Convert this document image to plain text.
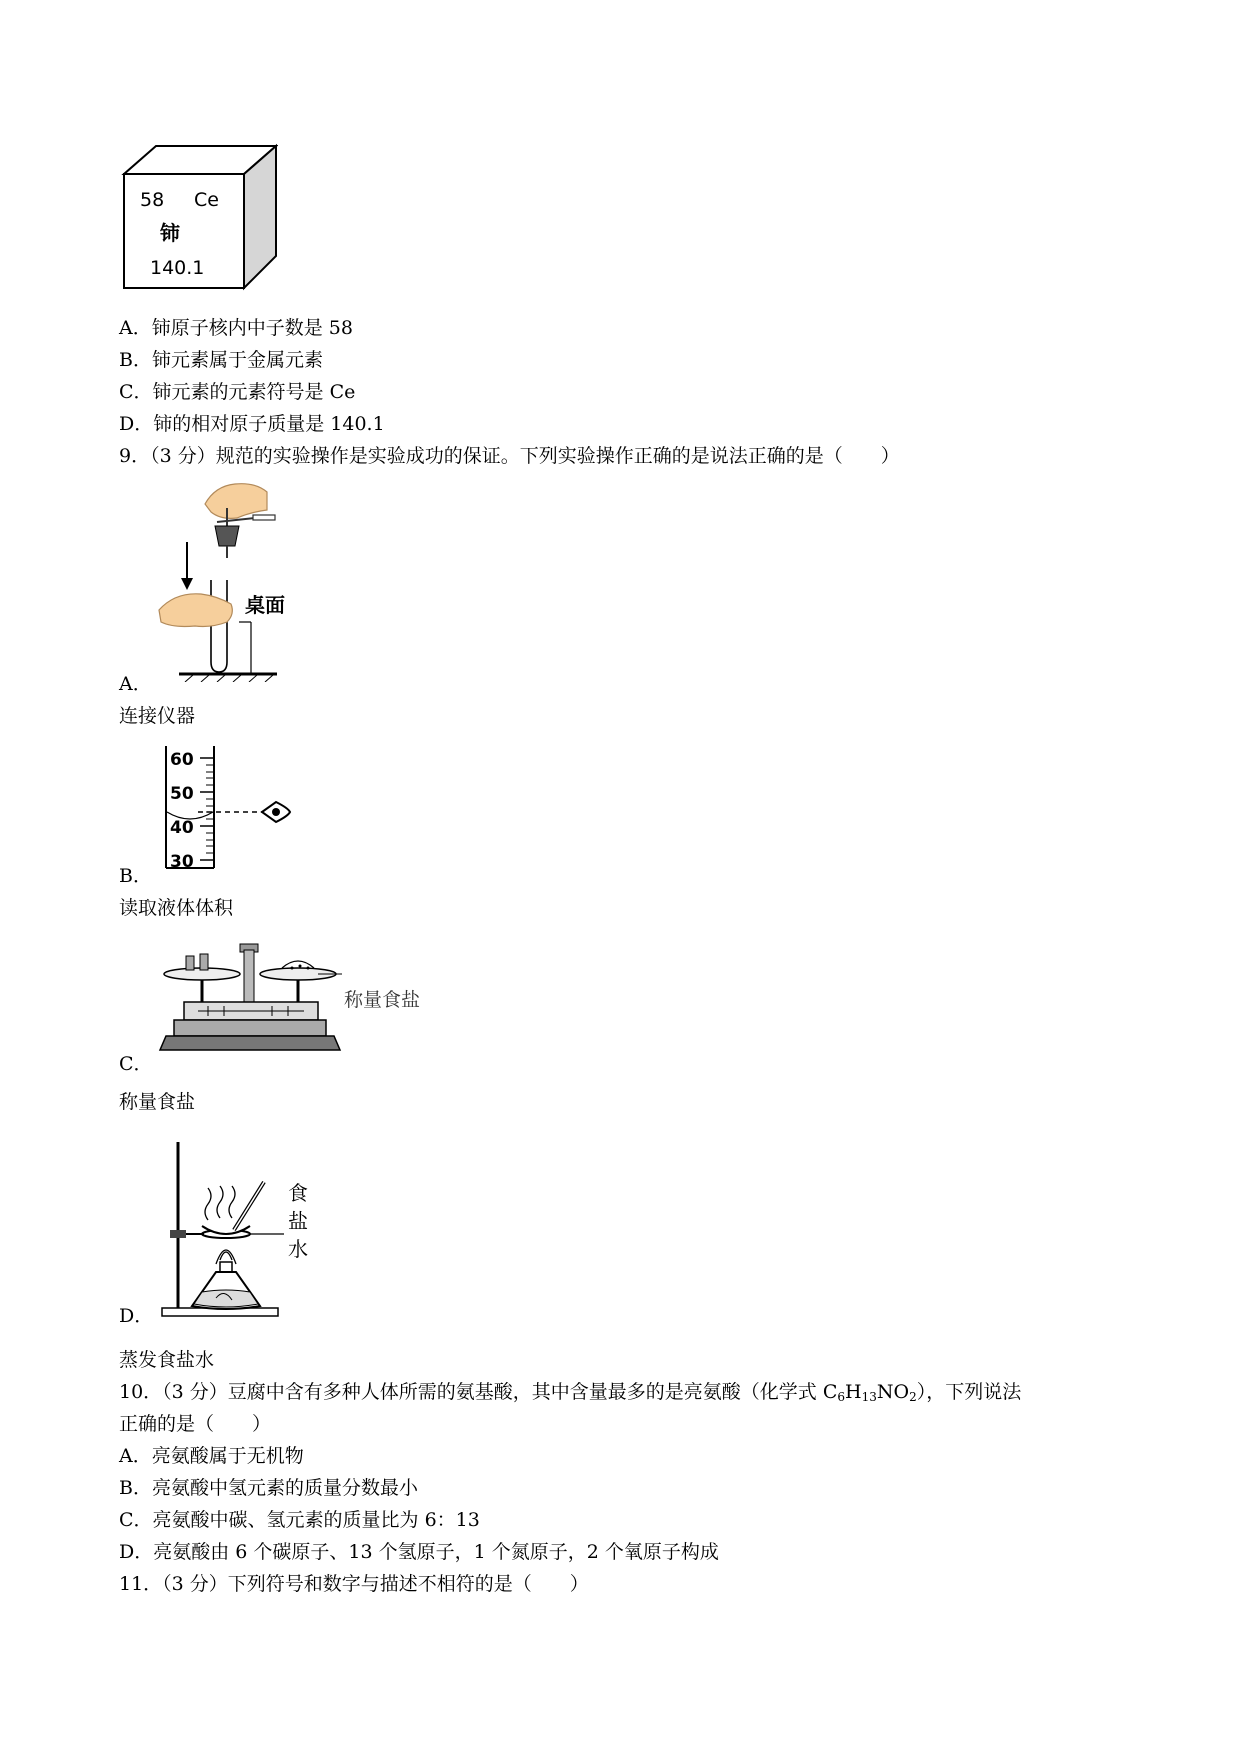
58 Ce
铈
140.1
A．铈原子核内中子数是 58
B．铈元素属于金属元素
C．铈元素的元素符号是 Ce
D．铈的相对原子质量是 140.1
9．（3 分）规范的实验操作是实验成功的保证。下列实验操作正确的是说法正确的是（　　）
桌面
A．
连接仪器
60
50
40
30
B．
读取液体体积
称量食盐
C．
称量食盐
食
盐
水
D．
蒸发食盐水
10．（3 分）豆腐中含有多种人体所需的氨基酸，其中含量最多的是亮氨酸（化学式 $C_6H_{13}NO_2$），下列说法
正确的是（　　）
A．亮氨酸属于无机物
B．亮氨酸中氢元素的质量分数最小
C．亮氨酸中碳、氢元素的质量比为 6：13
D．亮氨酸由 6 个碳原子、13 个氢原子，1 个氮原子，2 个氧原子构成
11．（3 分）下列符号和数字与描述不相符的是（　　）
